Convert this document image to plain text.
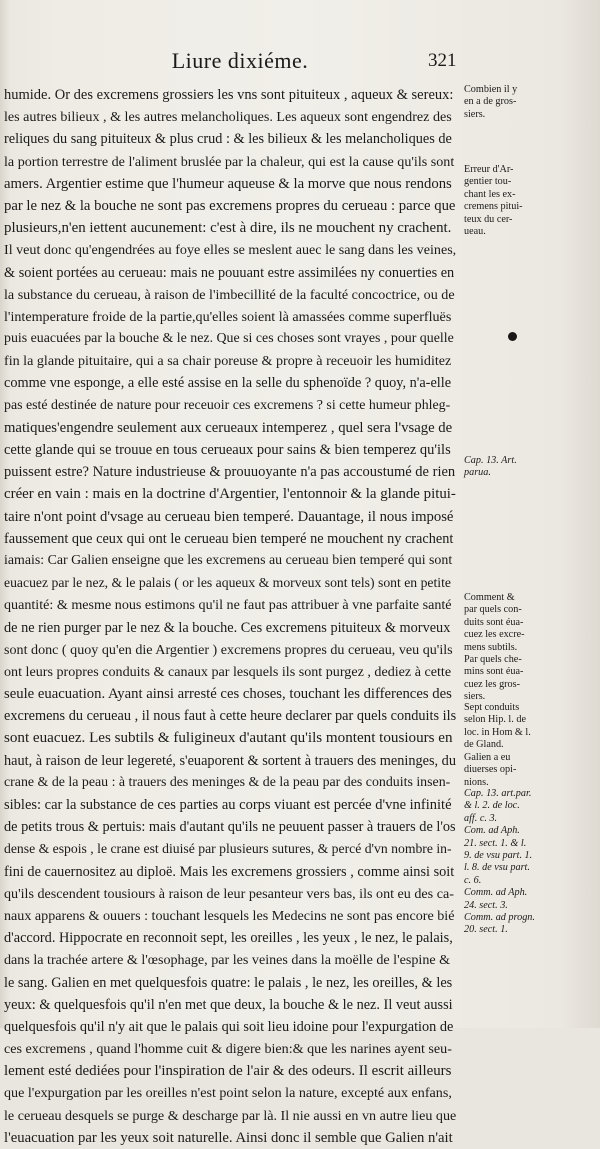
Liure dixiéme.	321
humide. Or des excremens grossiers les vns sont pituiteux , aqueux & sereux:
les autres bilieux , & les autres melancholiques. Les aqueux sont engendrez des
reliques du sang pituiteux & plus crud : & les bilieux & les melancholiques de
la portion terrestre de l'aliment bruslée par la chaleur, qui est la cause qu'ils sont
amers. Argentier estime que l'humeur aqueuse & la morve que nous rendons
par le nez & la bouche ne sont pas excremens propres du cerueau : parce que
plusieurs,n'en iettent aucunement: c'est à dire, ils ne mouchent ny crachent.
Il veut donc qu'engendrées au foye elles se meslent auec le sang dans les veines,
& soient portées au cerueau: mais ne pouuant estre assimilées ny conuerties en
la substance du cerueau, à raison de l'imbecillité de la faculté concoctrice, ou de
l'intemperature froide de la partie,qu'elles soient là amassées comme superfluës
puis euacuées par la bouche & le nez. Que si ces choses sont vrayes , pour quelle
fin la glande pituitaire, qui a sa chair poreuse & propre à receuoir les humiditez
comme vne esponge, a elle esté assise en la selle du sphenoïde ? quoy, n'a-elle
pas esté destinée de nature pour receuoir ces excremens ? si cette humeur phleg-
matiques'engendre seulement aux cerueaux intemperez , quel sera l'vsage de
cette glande qui se trouue en tous cerueaux pour sains & bien temperez qu'ils
puissent estre? Nature industrieuse & prouuoyante n'a pas accoustumé de rien
créer en vain : mais en la doctrine d'Argentier, l'entonnoir & la glande pitui-
taire n'ont point d'vsage au cerueau bien temperé. Dauantage, il nous imposé
faussement que ceux qui ont le cerueau bien temperé ne mouchent ny crachent
iamais: Car Galien enseigne que les excremens au cerueau bien temperé qui sont
euacuez par le nez, & le palais ( or les aqueux & morveux sont tels) sont en petite
quantité: & mesme nous estimons qu'il ne faut pas attribuer à vne parfaite santé
de ne rien purger par le nez & la bouche. Ces excremens pituiteux & morveux
sont donc ( quoy qu'en die Argentier ) excremens propres du cerueau, veu qu'ils
ont leurs propres conduits & canaux par lesquels ils sont purgez , dediez à cette
seule euacuation. Ayant ainsi arresté ces choses, touchant les differences des
excremens du cerueau , il nous faut à cette heure declarer par quels conduits ils
sont euacuez. Les subtils & fuligineux d'autant qu'ils montent tousiours en
haut, à raison de leur legereté, s'euaporent & sortent à trauers des meninges, du
crane & de la peau : à trauers des meninges & de la peau par des conduits insen-
sibles: car la substance de ces parties au corps viuant est percée d'vne infinité
de petits trous & pertuis: mais d'autant qu'ils ne peuuent passer à trauers de l'os
dense & espois , le crane est diuisé par plusieurs sutures, & percé d'vn nombre in-
fini de cauernositez au diploë. Mais les excremens grossiers , comme ainsi soit
qu'ils descendent tousiours à raison de leur pesanteur vers bas, ils ont eu des ca-
naux apparens & ouuers : touchant lesquels les Medecins ne sont pas encore bié
d'accord. Hippocrate en reconnoit sept, les oreilles , les yeux , le nez, le palais,
dans la trachée artere & l'œsophage, par les veines dans la moëlle de l'espine &
le sang. Galien en met quelquesfois quatre: le palais , le nez, les oreilles, & les
yeux: & quelquesfois qu'il n'en met que deux, la bouche & le nez. Il veut aussi
quelquesfois qu'il n'y ait que le palais qui soit lieu idoine pour l'expurgation de
ces excremens , quand l'homme cuit & digere bien:& que les narines ayent seu-
lement esté dediées pour l'inspiration de l'air & des odeurs. Il escrit ailleurs
que l'expurgation par les oreilles n'est point selon la nature, excepté aux enfans,
le cerueau desquels se purge & descharge par là. Il nie aussi en vn autre lieu que
l'euacuation par les yeux soit naturelle. Ainsi donc il semble que Galien n'ait
Combien il y
en a de gros-
siers.
Erreur d'Ar-
gentier tou-
chant les ex-
cremens pitui-
teux du cer-
ueau.
Cap. 13. Art.
parua.
Comment &
par quels con-
duits sont éua-
cuez les excre-
mens subtils.
Par quels che-
mins sont éua-
cuez les gros-
siers.
Sept conduits
selon Hip. l. de
loc. in Hom & l.
de Gland.
Galien a eu
diuerses opi-
nions.
Cap. 13. art.par.
& l. 2. de loc.
aff. c. 3.
Com. ad Aph.
21. sect. 1. & l.
9. de vsu part. 1.
l. 8. de vsu part.
c. 6.
Comm. ad Aph.
24. sect. 3.
Comm. ad progn.
20. sect. 1.
